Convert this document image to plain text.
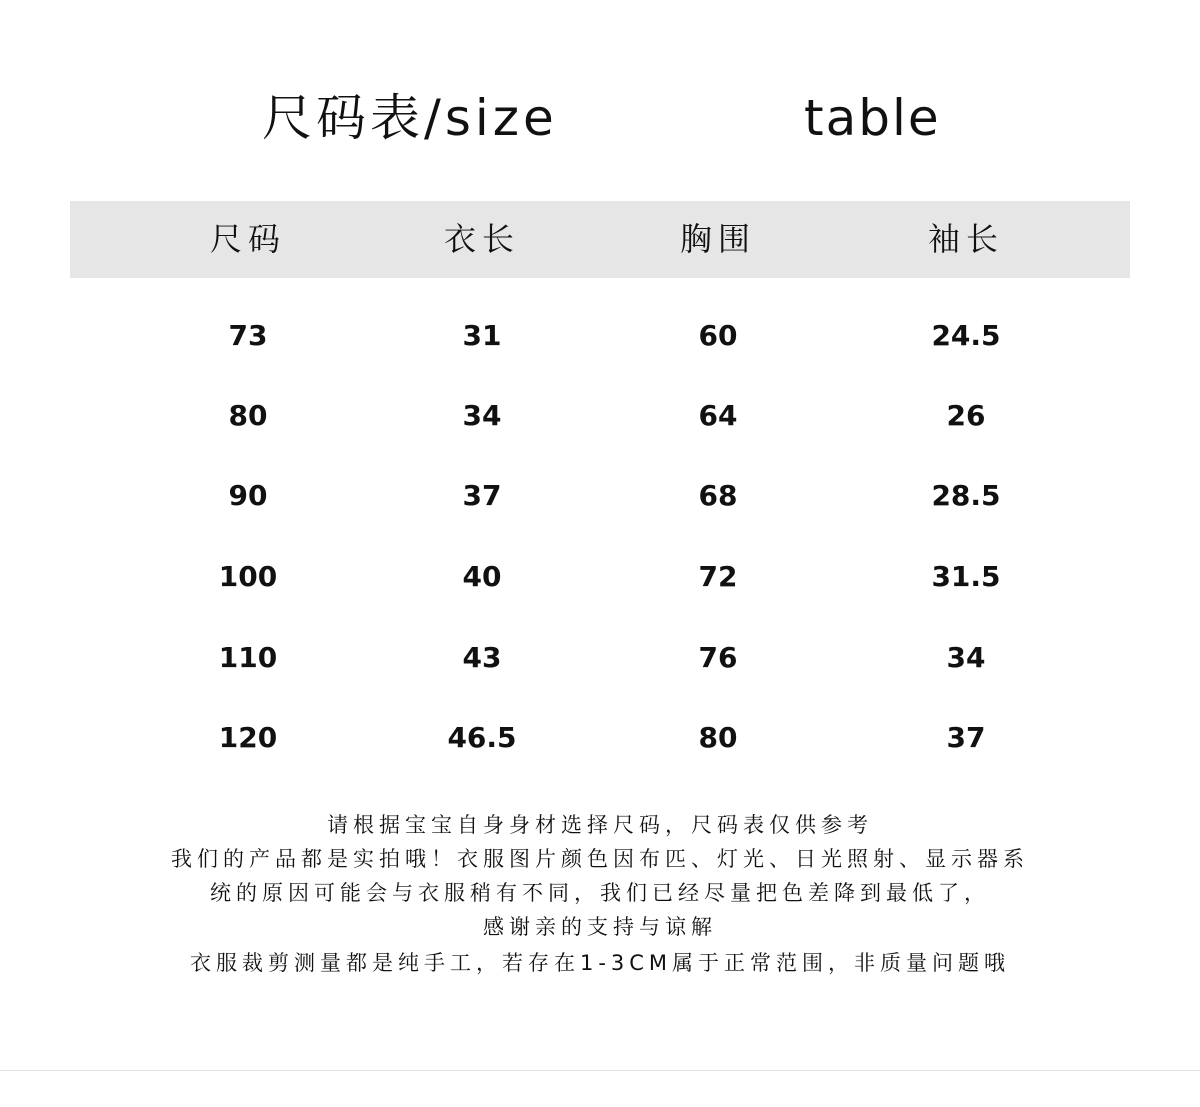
尺码表/size	table
尺码	衣长	胸围	袖长
73	31	60	24.5
80	34	64	26
90	37	68	28.5
100	40	72	31.5
110	43	76	34
120	46.5	80	37
请根据宝宝自身身材选择尺码，尺码表仅供参考
我们的产品都是实拍哦！衣服图片颜色因布匹、灯光、日光照射、显示器系
统的原因可能会与衣服稍有不同，我们已经尽量把色差降到最低了，
感谢亲的支持与谅解
衣服裁剪测量都是纯手工，若存在1-3CM属于正常范围，非质量问题哦
